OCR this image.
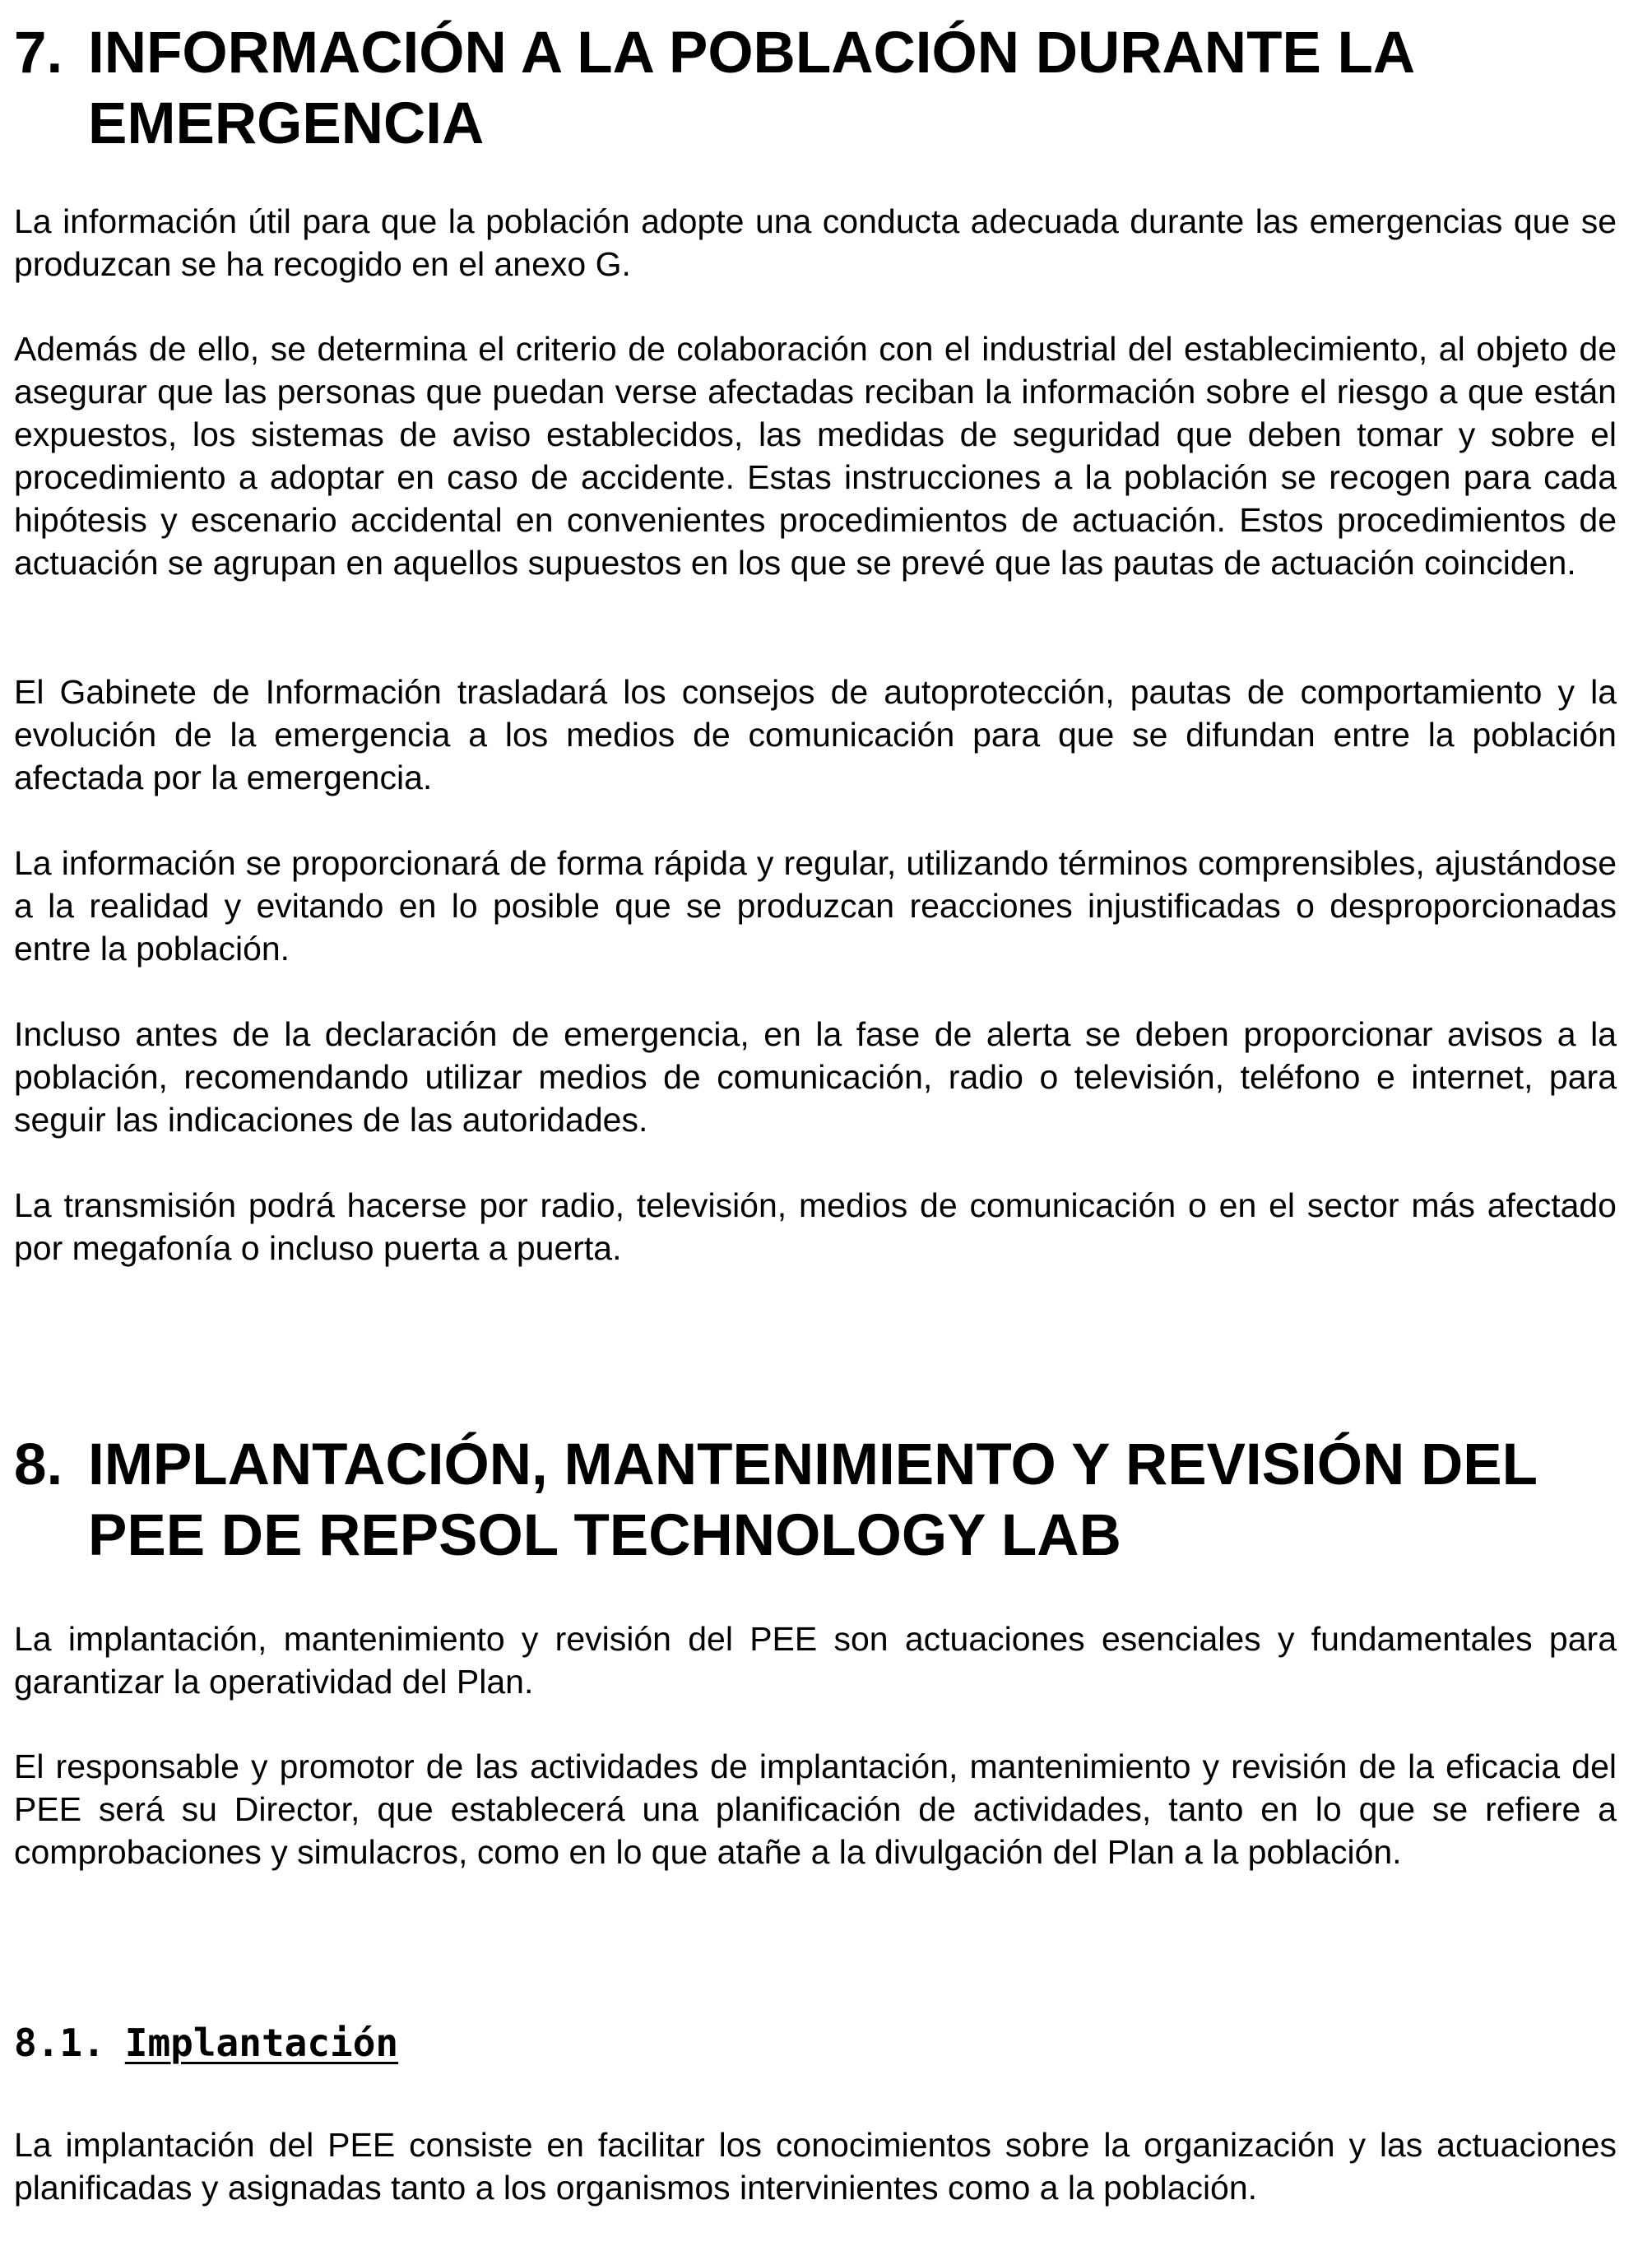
7. INFORMACIÓN A LA POBLACIÓN DURANTE LA EMERGENCIA
La información útil para que la población adopte una conducta adecuada durante las emergencias que se produzcan se ha recogido en el anexo G.
Además de ello, se determina el criterio de colaboración con el industrial del establecimiento, al objeto de asegurar que las personas que puedan verse afectadas reciban la información sobre el riesgo a que están expuestos, los sistemas de aviso establecidos, las medidas de seguridad que deben tomar y sobre el procedimiento a adoptar en caso de accidente. Estas instrucciones a la población se recogen para cada hipótesis y escenario accidental en convenientes procedimientos de actuación. Estos procedimientos de actuación se agrupan en aquellos supuestos en los que se prevé que las pautas de actuación coinciden.
El Gabinete de Información trasladará los consejos de autoprotección, pautas de comportamiento y la evolución de la emergencia a los medios de comunicación para que se difundan entre la población afectada por la emergencia.
La información se proporcionará de forma rápida y regular, utilizando términos comprensibles, ajustándose a la realidad y evitando en lo posible que se produzcan reacciones injustificadas o desproporcionadas entre la población.
Incluso antes de la declaración de emergencia, en la fase de alerta se deben proporcionar avisos a la población, recomendando utilizar medios de comunicación, radio o televisión, teléfono e internet, para seguir las indicaciones de las autoridades.
La transmisión podrá hacerse por radio, televisión, medios de comunicación o en el sector más afectado por megafonía o incluso puerta a puerta.
8. IMPLANTACIÓN, MANTENIMIENTO Y REVISIÓN DEL PEE DE REPSOL TECHNOLOGY LAB
La implantación, mantenimiento y revisión del PEE son actuaciones esenciales y fundamentales para garantizar la operatividad del Plan.
El responsable y promotor de las actividades de implantación, mantenimiento y revisión de la eficacia del PEE será su Director, que establecerá una planificación de actividades, tanto en lo que se refiere a comprobaciones y simulacros, como en lo que atañe a la divulgación del Plan a la población.
8.1. Implantación
La implantación del PEE consiste en facilitar los conocimientos sobre la organización y las actuaciones planificadas y asignadas tanto a los organismos intervinientes como a la población.
